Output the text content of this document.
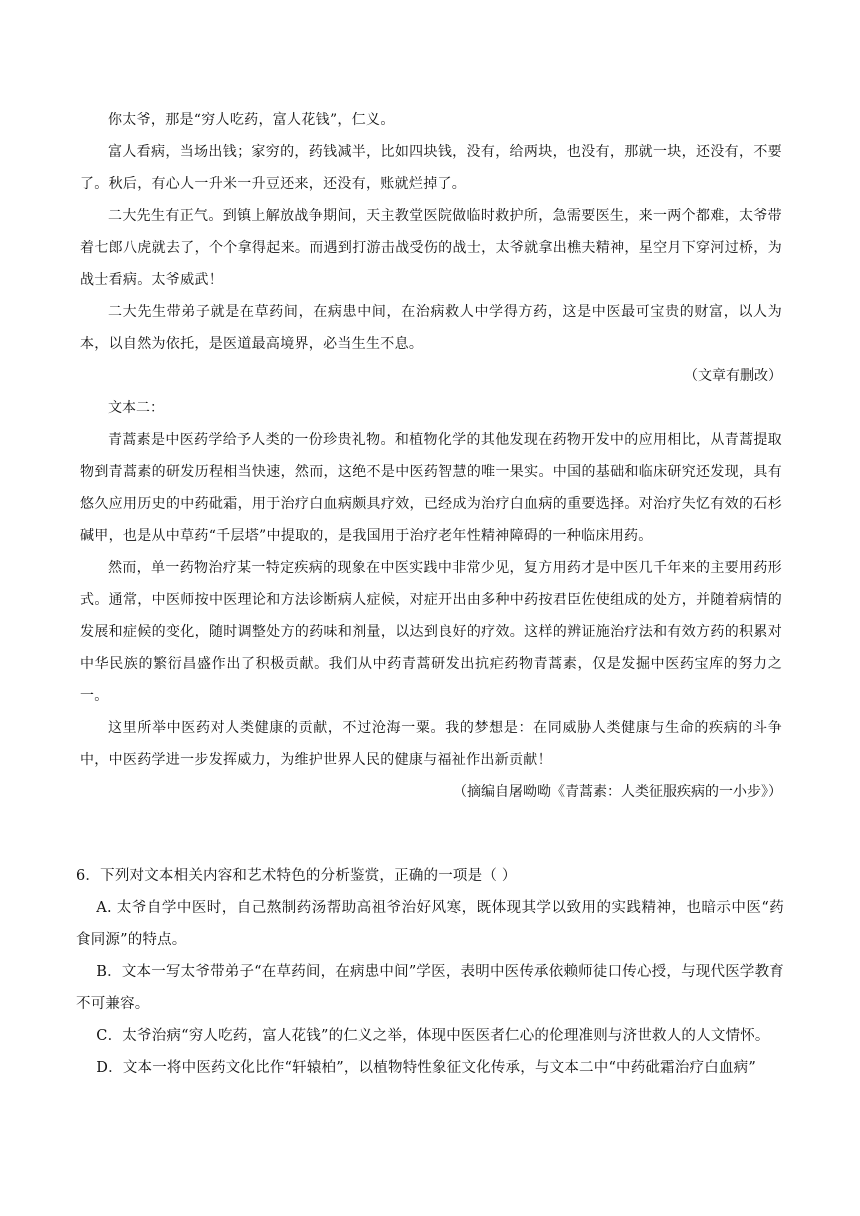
你太爷，那是“穷人吃药，富人花钱”，仁义。

富人看病，当场出钱；家穷的，药钱减半，比如四块钱，没有，给两块，也没有，那就一块，还没有，不要了。秋后，有心人一升米一升豆还来，还没有，账就烂掉了。

二大先生有正气。到镇上解放战争期间，天主教堂医院做临时救护所，急需要医生，来一两个都难，太爷带着七郎八虎就去了，个个拿得起来。而遇到打游击战受伤的战士，太爷就拿出樵夫精神，星空月下穿河过桥，为战士看病。太爷威武！

二大先生带弟子就是在草药间，在病患中间，在治病救人中学得方药，这是中医最可宝贵的财富，以人为本，以自然为依托，是医道最高境界，必当生生不息。

（文章有删改）

文本二：

青蒿素是中医药学给予人类的一份珍贵礼物。和植物化学的其他发现在药物开发中的应用相比，从青蒿提取物到青蒿素的研发历程相当快速，然而，这绝不是中医药智慧的唯一果实。中国的基础和临床研究还发现，具有悠久应用历史的中药砒霜，用于治疗白血病颇具疗效，已经成为治疗白血病的重要选择。对治疗失忆有效的石杉碱甲，也是从中草药“千层塔”中提取的，是我国用于治疗老年性精神障碍的一种临床用药。

然而，单一药物治疗某一特定疾病的现象在中医实践中非常少见，复方用药才是中医几千年来的主要用药形式。通常，中医师按中医理论和方法诊断病人症候，对症开出由多种中药按君臣佐使组成的处方，并随着病情的发展和症候的变化，随时调整处方的药味和剂量，以达到良好的疗效。这样的辨证施治疗法和有效方药的积累对中华民族的繁衍昌盛作出了积极贡献。我们从中药青蒿研发出抗疟药物青蒿素，仅是发掘中医药宝库的努力之一。

这里所举中医药对人类健康的贡献，不过沧海一粟。我的梦想是：在同威胁人类健康与生命的疾病的斗争中，中医药学进一步发挥威力，为维护世界人民的健康与福祉作出新贡献！

（摘编自屠呦呦《青蒿素：人类征服疾病的一小步》）

6．下列对文本相关内容和艺术特色的分析鉴赏，正确的一项是（ ）

A. 太爷自学中医时，自己熬制药汤帮助高祖爷治好风寒，既体现其学以致用的实践精神，也暗示中医“药食同源”的特点。

B．文本一写太爷带弟子“在草药间，在病患中间”学医，表明中医传承依赖师徒口传心授，与现代医学教育不可兼容。

C．太爷治病“穷人吃药，富人花钱”的仁义之举，体现中医医者仁心的伦理准则与济世救人的人文情怀。

D．文本一将中医药文化比作“轩辕柏”，以植物特性象征文化传承，与文本二中“中药砒霜治疗白血病”
